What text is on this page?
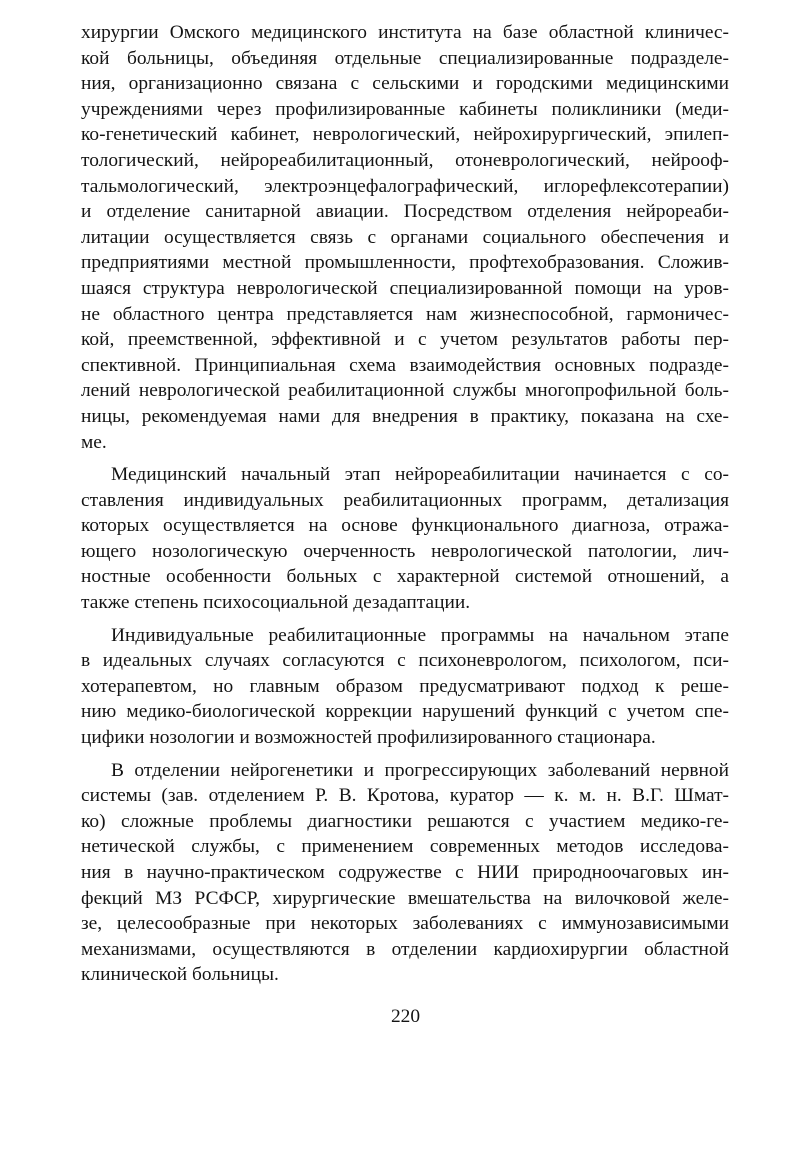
хирургии Омского медицинского института на базе областной клиничес-
кой больницы, объединяя отдельные специализированные подразделе-
ния, организационно связана с сельскими и городскими медицинскими
учреждениями через профилизированные кабинеты поликлиники (меди-
ко-генетический кабинет, неврологический, нейрохирургический, эпилеп-
тологический, нейрореабилитационный, отоневрологический, нейрооф-
тальмологический, электроэнцефалографический, иглорефлексотерапии)
и отделение санитарной авиации. Посредством отделения нейрореаби-
литации осуществляется связь с органами социального обеспечения и
предприятиями местной промышленности, профтехобразования. Сложив-
шаяся структура неврологической специализированной помощи на уров-
не областного центра представляется нам жизнеспособной, гармоничес-
кой, преемственной, эффективной и с учетом результатов работы пер-
спективной. Принципиальная схема взаимодействия основных подразде-
лений неврологической реабилитационной службы многопрофильной боль-
ницы, рекомендуемая нами для внедрения в практику, показана на схе-
ме.
Медицинский начальный этап нейрореабилитации начинается с со-
ставления индивидуальных реабилитационных программ, детализация
которых осуществляется на основе функционального диагноза, отража-
ющего нозологическую очерченность неврологической патологии, лич-
ностные особенности больных с характерной системой отношений, а
также степень психосоциальной дезадаптации.
Индивидуальные реабилитационные программы на начальном этапе
в идеальных случаях согласуются с психоневрологом, психологом, пси-
хотерапевтом, но главным образом предусматривают подход к реше-
нию медико-биологической коррекции нарушений функций с учетом спе-
цифики нозологии и возможностей профилизированного стационара.
В отделении нейрогенетики и прогрессирующих заболеваний нервной
системы (зав. отделением Р. В. Кротова, куратор — к. м. н. В.Г. Шмат-
ко) сложные проблемы диагностики решаются с участием медико-ге-
нетической службы, с применением современных методов исследова-
ния в научно-практическом содружестве с НИИ природноочаговых ин-
фекций МЗ РСФСР, хирургические вмешательства на вилочковой желе-
зе, целесообразные при некоторых заболеваниях с иммунозависимыми
механизмами, осуществляются в отделении кардиохирургии областной
клинической больницы.
220
